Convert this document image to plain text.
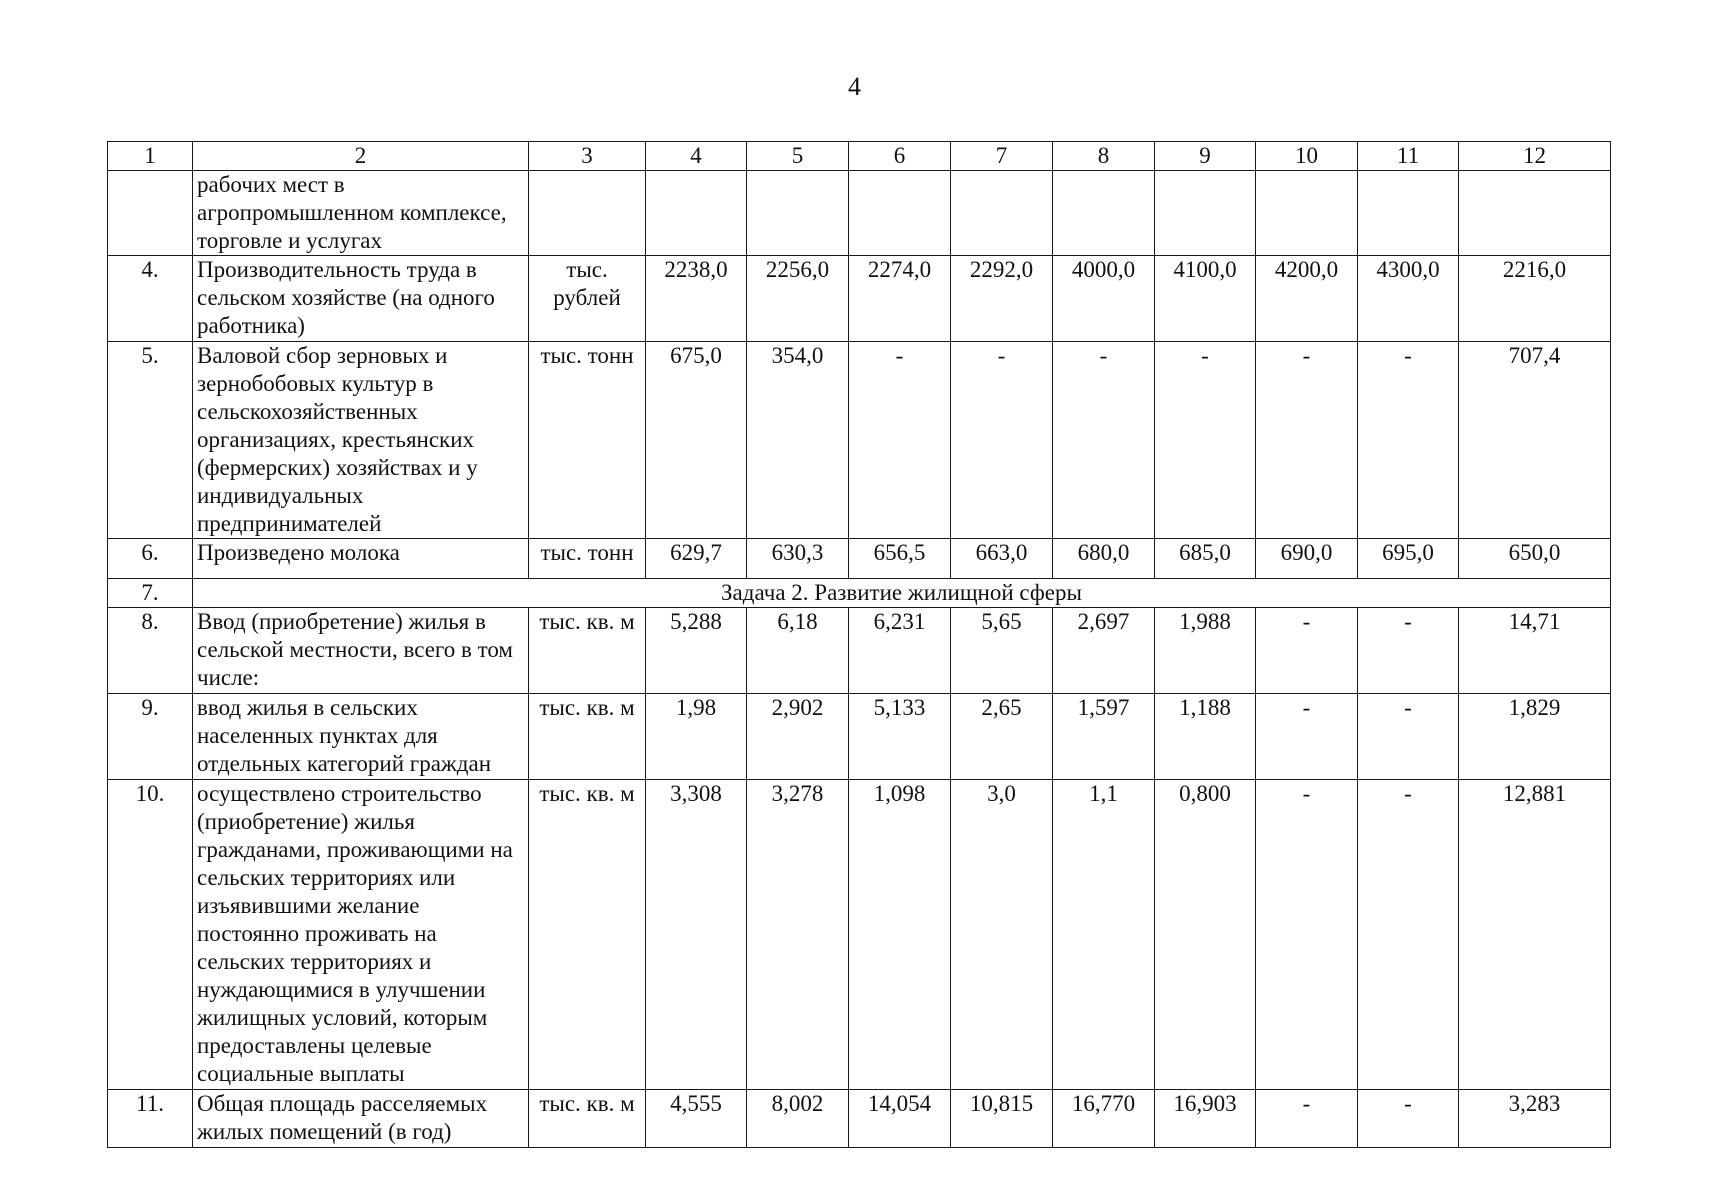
4
1	2	3	4	5	6	7	8	9	10	11	12
	рабочих мест в агропромышленном комплексе, торговле и услугах										
4.	Производительность труда в сельском хозяйстве (на одного работника)	тыс. рублей	2238,0	2256,0	2274,0	2292,0	4000,0	4100,0	4200,0	4300,0	2216,0
5.	Валовой сбор зерновых и зернобобовых культур в сельскохозяйственных организациях, крестьянских (фермерских) хозяйствах и у индивидуальных предпринимателей	тыс. тонн	675,0	354,0	-	-	-	-	-	-	707,4
6.	Произведено молока	тыс. тонн	629,7	630,3	656,5	663,0	680,0	685,0	690,0	695,0	650,0
7.	Задача 2. Развитие жилищной сферы										
8.	Ввод (приобретение) жилья в сельской местности, всего в том числе:	тыс. кв. м	5,288	6,18	6,231	5,65	2,697	1,988	-	-	14,71
9.	ввод жилья в сельских населенных пунктах для отдельных категорий граждан	тыс. кв. м	1,98	2,902	5,133	2,65	1,597	1,188	-	-	1,829
10.	осуществлено строительство (приобретение) жилья гражданами, проживающими на сельских территориях или изъявившими желание постоянно проживать на сельских территориях и нуждающимися в улучшении жилищных условий, которым предоставлены целевые социальные выплаты	тыс. кв. м	3,308	3,278	1,098	3,0	1,1	0,800	-	-	12,881
11.	Общая площадь расселяемых жилых помещений (в год)	тыс. кв. м	4,555	8,002	14,054	10,815	16,770	16,903	-	-	3,283
